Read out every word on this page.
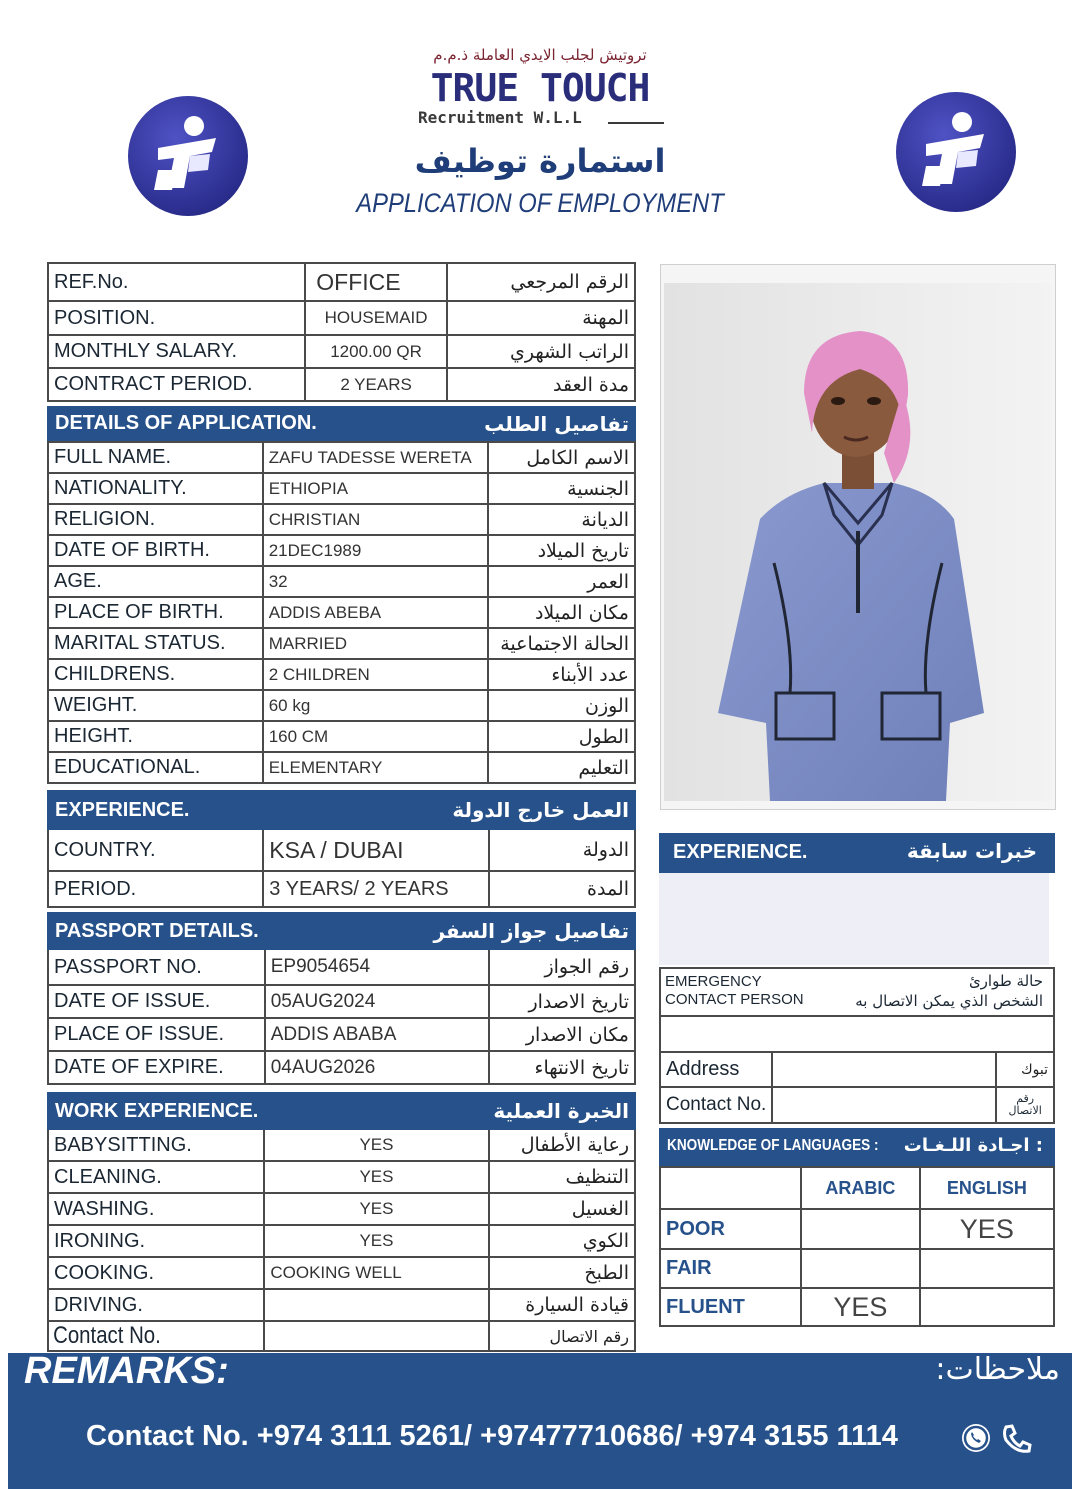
تروتيش لجلب الايدي العاملة ذ.م.م
TRUE TOUCH
Recruitment W.L.L
استمارة توظيف
APPLICATION OF EMPLOYMENT
REF.No.	OFFICE	الرقم المرجعي
POSITION.	HOUSEMAID	المهنة
MONTHLY SALARY.	1200.00 QR	الراتب الشهري
CONTRACT PERIOD.	2 YEARS	مدة العقد
DETAILS OF APPLICATION.	تفاصيل الطلب
FULL NAME.	ZAFU TADESSE WERETA	الاسم الكامل
NATIONALITY.	ETHIOPIA	الجنسية
RELIGION.	CHRISTIAN	الديانة
DATE OF BIRTH.	21DEC1989	تاريخ الميلاد
AGE.	32	العمر
PLACE OF BIRTH.	ADDIS ABEBA	مكان الميلاد
MARITAL STATUS.	MARRIED	الحالة الاجتماعية
CHILDRENS.	2 CHILDREN	عدد الأبناء
WEIGHT.	60 kg	الوزن
HEIGHT.	160 CM	الطول
EDUCATIONAL.	ELEMENTARY	التعليم
EXPERIENCE.	العمل خارج الدولة	
COUNTRY.	KSA / DUBAI	الدولة
PERIOD.	3 YEARS/ 2 YEARS	المدة
PASSPORT DETAILS.	تفاصيل جواز السفر	
PASSPORT NO.	EP9054654	رقم الجواز
DATE OF ISSUE.	05AUG2024	تاريخ الاصدار
PLACE OF ISSUE.	ADDIS ABABA	مكان الاصدار
DATE OF EXPIRE.	04AUG2026	تاريخ الانتهاء
WORK EXPERIENCE.	الخبرة العملية	
BABYSITTING.	YES	رعاية الأطفال
CLEANING.	YES	التنظيف
WASHING.	YES	الغسيل
IRONING.	YES	الكوي
COOKING.	COOKING WELL	الطبخ
DRIVING.		قيادة السيارة
Contact No.		رقم الاتصال
EXPERIENCE.	خبرات سابقة
EMERGENCY
CONTACT PERSON
حالة طوارئ
الشخص الذي يمكن الاتصال به		

Address		تبوك
Contact No.		رقم
الاتصال
KNOWLEDGE OF LANGUAGES : اجـادة اللـغـات :
	ARABIC	ENGLISH
POOR		YES
FAIR		
FLUENT	YES	
REMARKS:	ملاحظات:
Contact No. +974 3111 5261/ +97477710686/ +974 3155 1114
